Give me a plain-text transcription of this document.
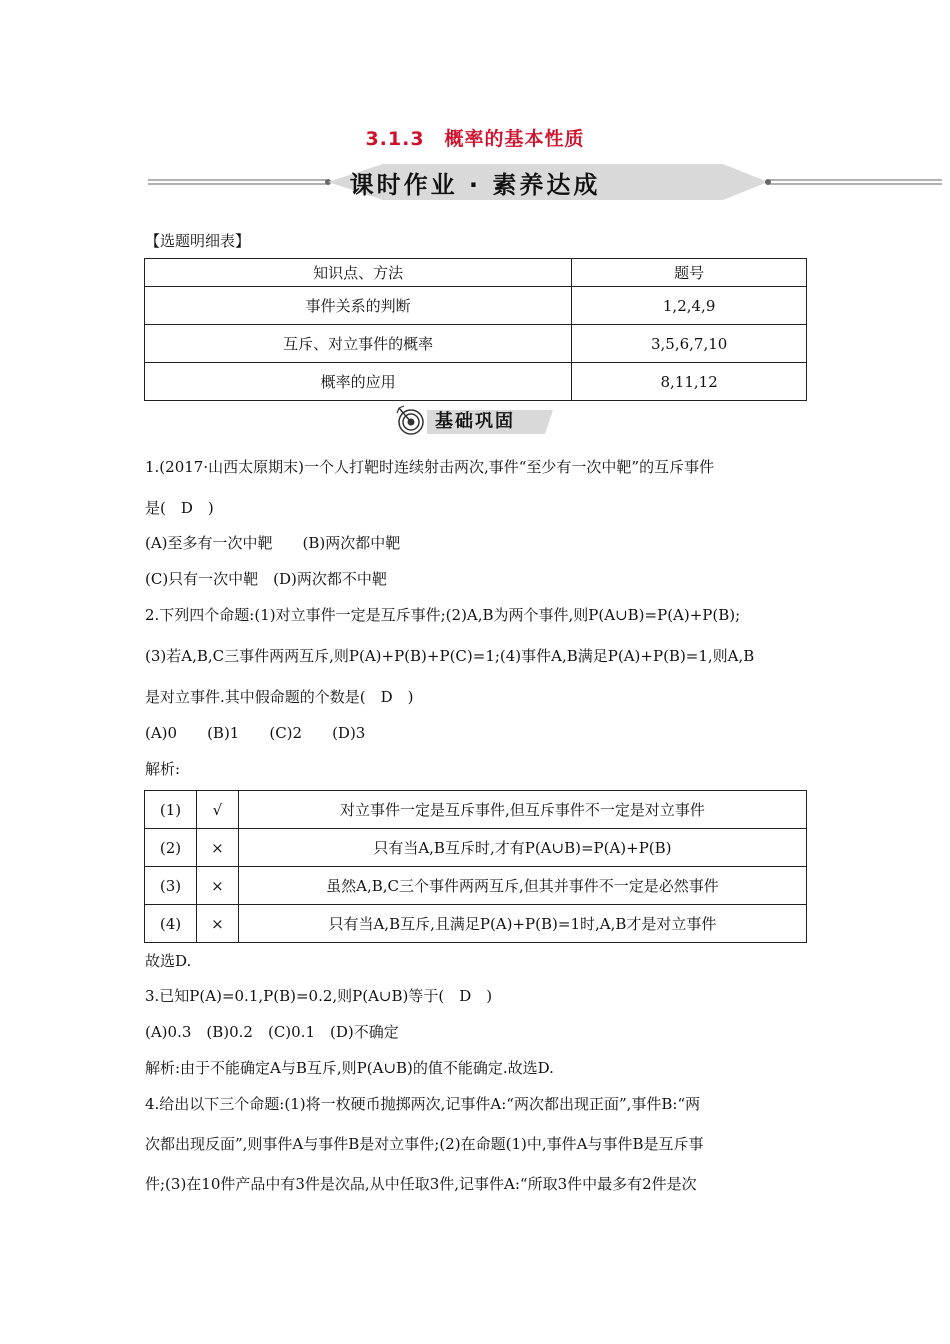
3.1.3　概率的基本性质
课时作业 · 素养达成
【选题明细表】
知识点、方法	题号
事件关系的判断	1,2,4,9
互斥、对立事件的概率	3,5,6,7,10
概率的应用	8,11,12
基础巩固
1.(2017·山西太原期末)一个人打靶时连续射击两次,事件“至少有一次中靶”的互斥事件
是(　D　)
(A)至多有一次中靶　　(B)两次都中靶
(C)只有一次中靶　(D)两次都不中靶
2.下列四个命题:(1)对立事件一定是互斥事件;(2)A,B为两个事件,则P(A∪B)=P(A)+P(B);
(3)若A,B,C三事件两两互斥,则P(A)+P(B)+P(C)=1;(4)事件A,B满足P(A)+P(B)=1,则A,B
是对立事件.其中假命题的个数是(　D　)
(A)0　　(B)1　　(C)2　　(D)3
解析:
(1)	√	对立事件一定是互斥事件,但互斥事件不一定是对立事件
(2)	×	只有当A,B互斥时,才有P(A∪B)=P(A)+P(B)
(3)	×	虽然A,B,C三个事件两两互斥,但其并事件不一定是必然事件
(4)	×	只有当A,B互斥,且满足P(A)+P(B)=1时,A,B才是对立事件
故选D.
3.已知P(A)=0.1,P(B)=0.2,则P(A∪B)等于(　D　)
(A)0.3　(B)0.2　(C)0.1　(D)不确定
解析:由于不能确定A与B互斥,则P(A∪B)的值不能确定.故选D.
4.给出以下三个命题:(1)将一枚硬币抛掷两次,记事件A:“两次都出现正面”,事件B:“两
次都出现反面”,则事件A与事件B是对立事件;(2)在命题(1)中,事件A与事件B是互斥事
件;(3)在10件产品中有3件是次品,从中任取3件,记事件A:“所取3件中最多有2件是次
